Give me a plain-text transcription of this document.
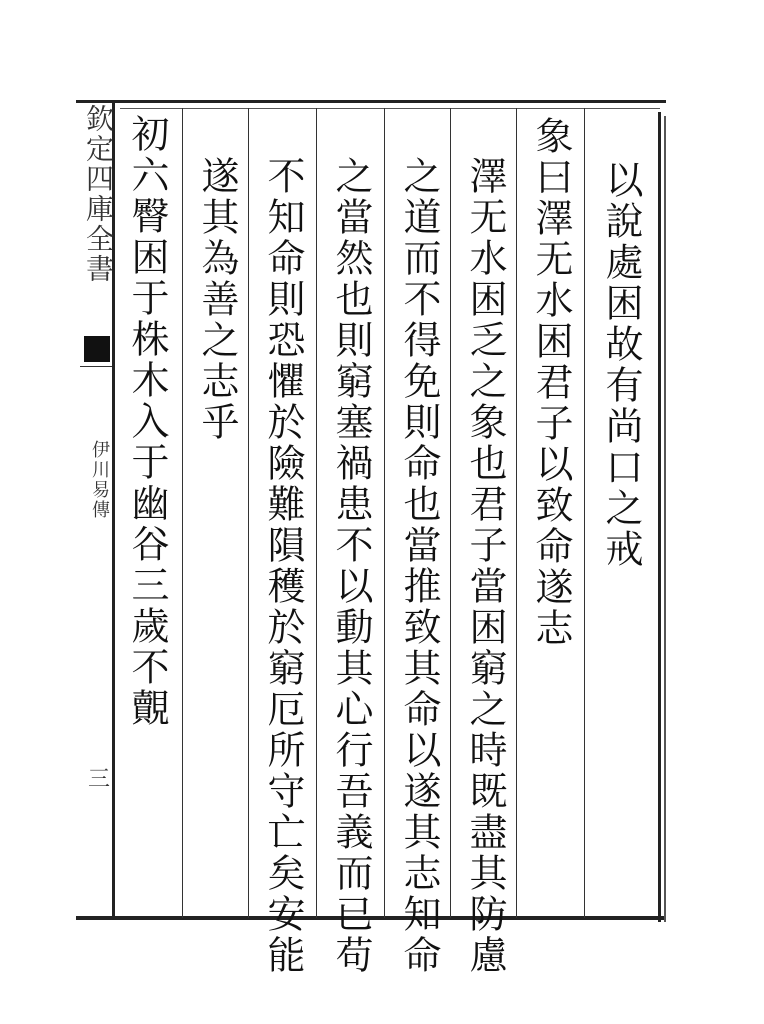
欽定四庫全書
伊川易傳
三
以說處困故有尚口之戒
象曰澤无水困君子以致命遂志
澤无水困乏之象也君子當困窮之時既盡其防慮
之道而不得免則命也當推致其命以遂其志知命
之當然也則窮塞禍患不以動其心行吾義而已苟
不知命則恐懼於險難隕穫於窮厄所守亡矣安能
遂其為善之志乎
初六臀困于株木入于幽谷三歲不覿
